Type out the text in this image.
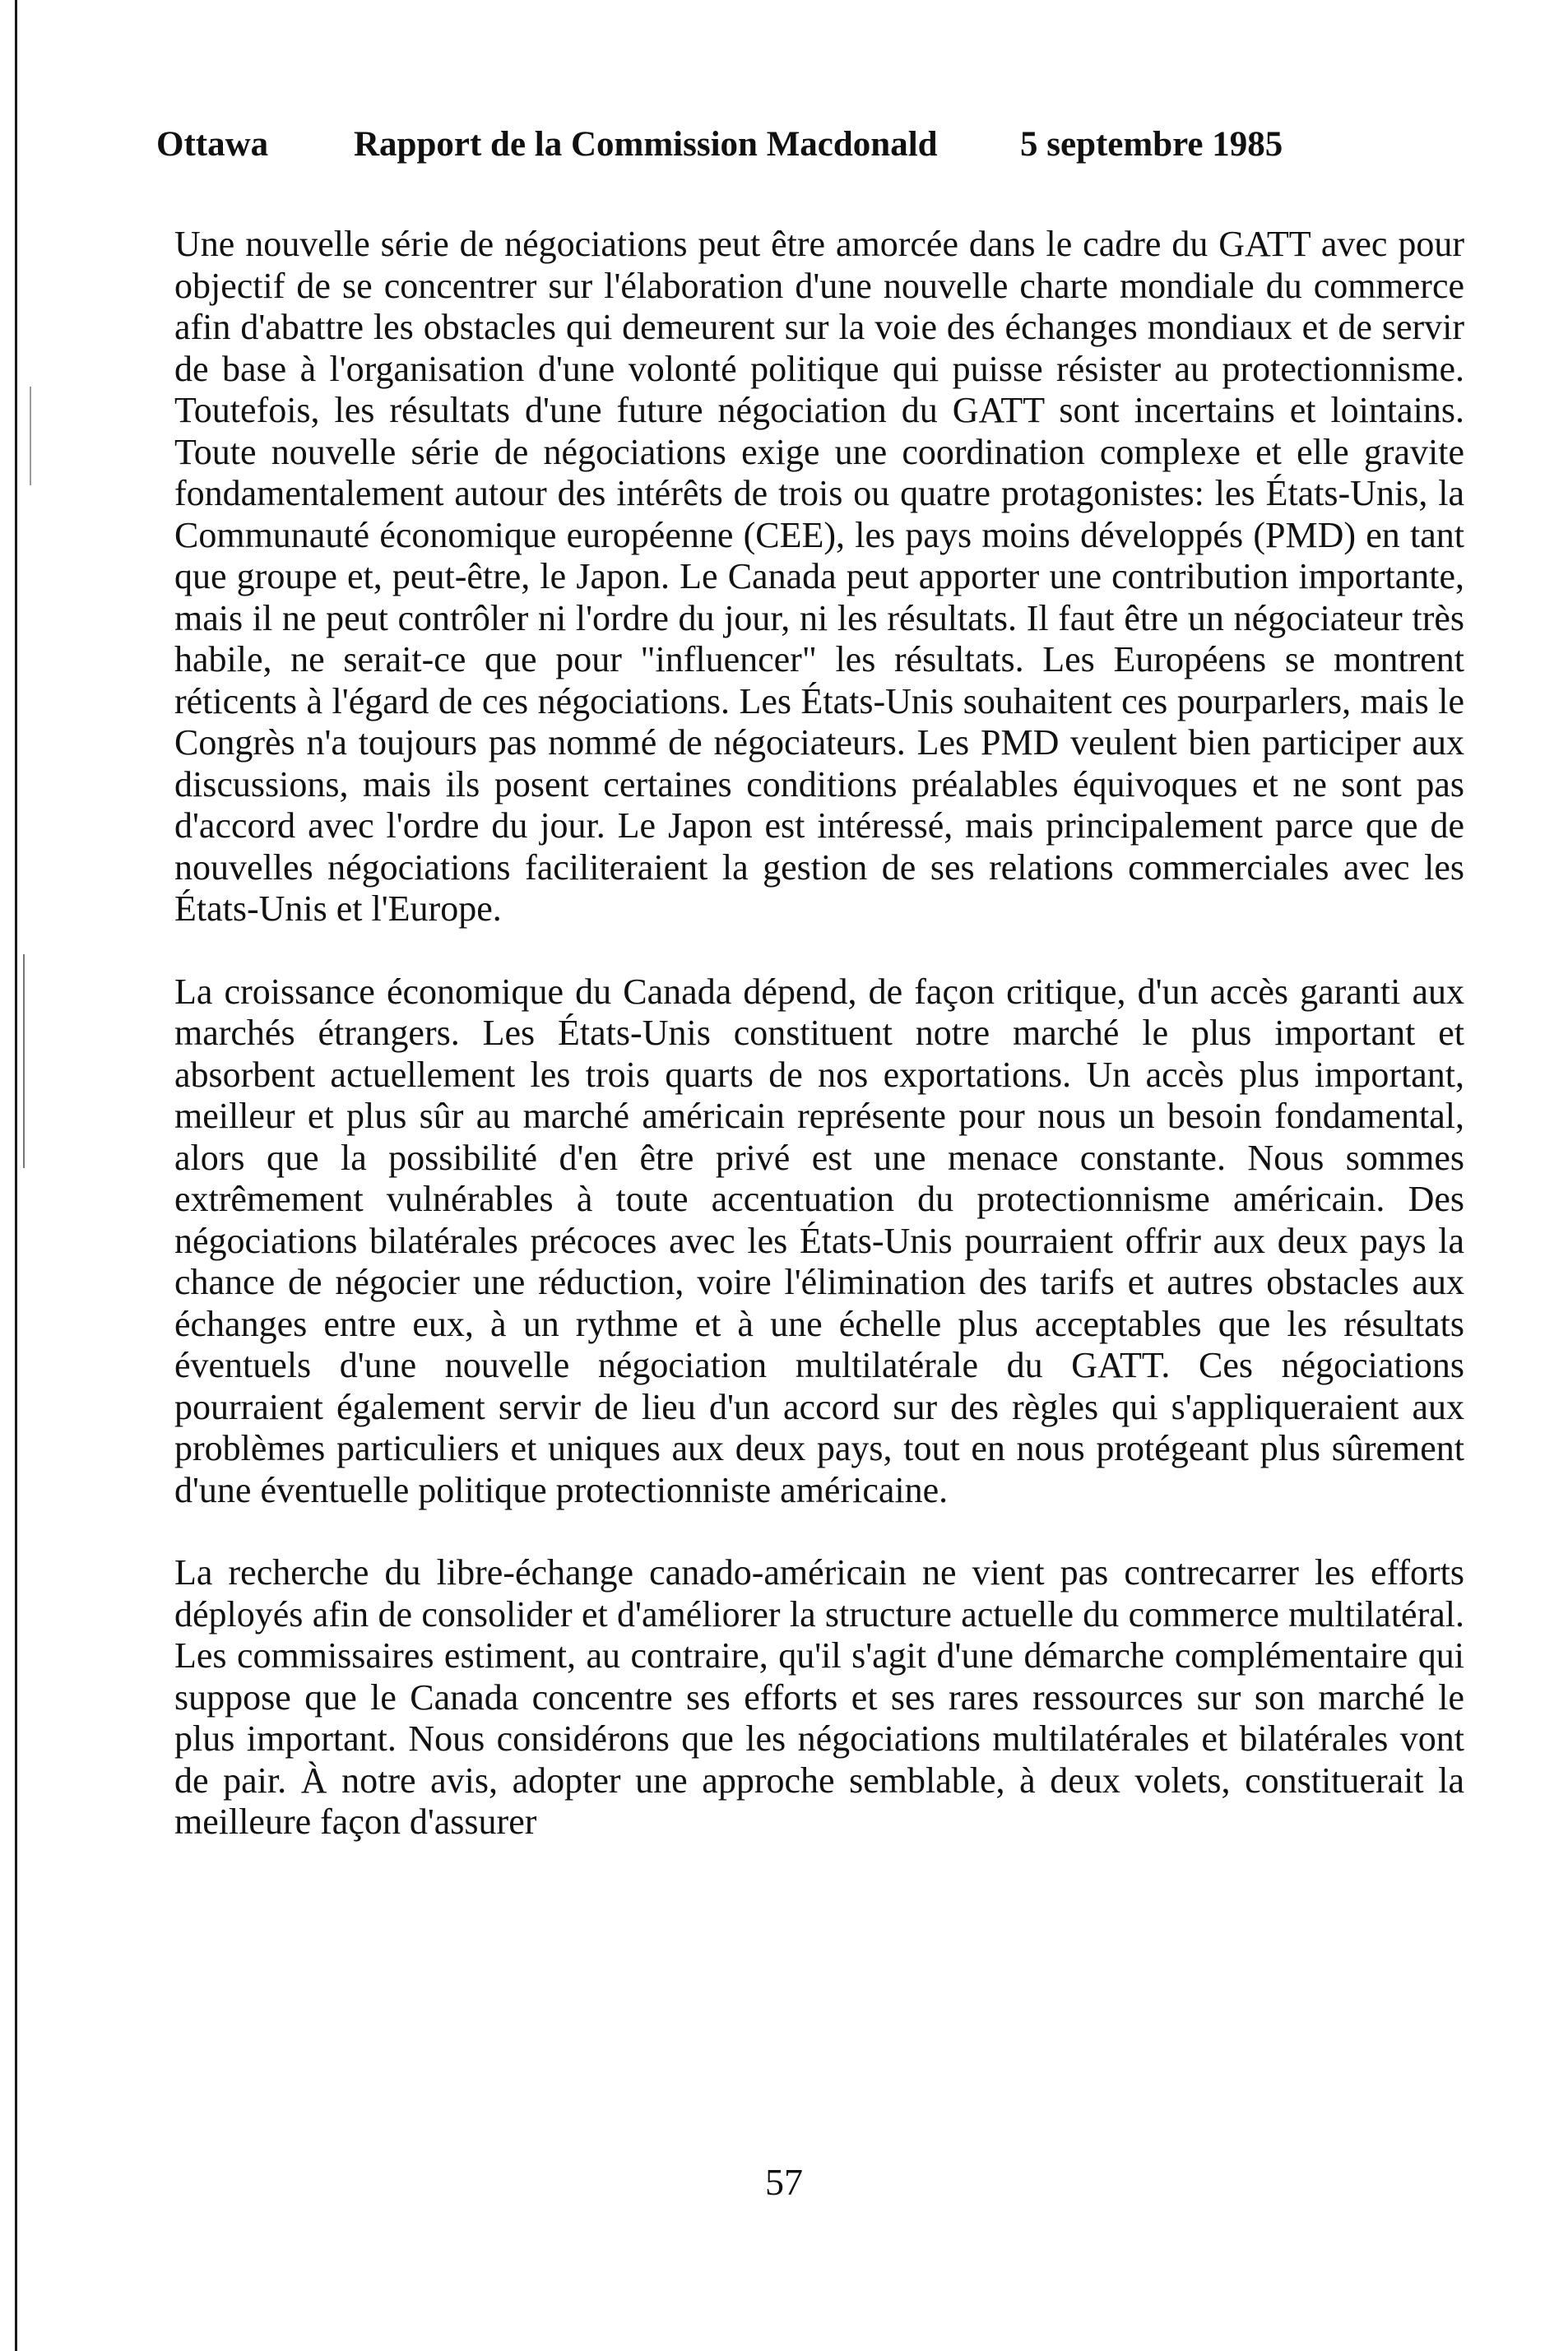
Ottawa Rapport de la Commission Macdonald 5 septembre 1985

Une nouvelle série de négociations peut être amorcée dans le cadre du GATT avec pour objectif de se concentrer sur l'élaboration d'une nouvelle charte mondiale du commerce afin d'abattre les obstacles qui demeurent sur la voie des échanges mondiaux et de servir de base à l'organisation d'une volonté politique qui puisse résister au protectionnisme. Toutefois, les résultats d'une future négociation du GATT sont incertains et lointains. Toute nouvelle série de négociations exige une coordination complexe et elle gravite fondamentalement autour des intérêts de trois ou quatre protagonistes: les États-Unis, la Communauté économique européenne (CEE), les pays moins développés (PMD) en tant que groupe et, peut-être, le Japon. Le Canada peut apporter une contribution importante, mais il ne peut contrôler ni l'ordre du jour, ni les résultats. Il faut être un négociateur très habile, ne serait-ce que pour "influencer" les résultats. Les Européens se montrent réticents à l'égard de ces négociations. Les États-Unis souhaitent ces pourparlers, mais le Congrès n'a toujours pas nommé de négociateurs. Les PMD veulent bien participer aux discussions, mais ils posent certaines conditions préalables équivoques et ne sont pas d'accord avec l'ordre du jour. Le Japon est intéressé, mais principalement parce que de nouvelles négociations faciliteraient la gestion de ses relations commerciales avec les États-Unis et l'Europe.

La croissance économique du Canada dépend, de façon critique, d'un accès garanti aux marchés étrangers. Les États-Unis constituent notre marché le plus important et absorbent actuellement les trois quarts de nos exportations. Un accès plus important, meilleur et plus sûr au marché américain représente pour nous un besoin fondamental, alors que la possibilité d'en être privé est une menace constante. Nous sommes extrêmement vulnérables à toute accentuation du protectionnisme américain. Des négociations bilatérales précoces avec les États-Unis pourraient offrir aux deux pays la chance de négocier une réduction, voire l'élimination des tarifs et autres obstacles aux échanges entre eux, à un rythme et à une échelle plus acceptables que les résultats éventuels d'une nouvelle négociation multilatérale du GATT. Ces négociations pourraient également servir de lieu d'un accord sur des règles qui s'appliqueraient aux problèmes particuliers et uniques aux deux pays, tout en nous protégeant plus sûrement d'une éventuelle politique protectionniste américaine.

La recherche du libre-échange canado-américain ne vient pas contrecarrer les efforts déployés afin de consolider et d'améliorer la structure actuelle du commerce multilatéral. Les commissaires estiment, au contraire, qu'il s'agit d'une démarche complémentaire qui suppose que le Canada concentre ses efforts et ses rares ressources sur son marché le plus important. Nous considérons que les négociations multilatérales et bilatérales vont de pair. À notre avis, adopter une approche semblable, à deux volets, constituerait la meilleure façon d'assurer

57
